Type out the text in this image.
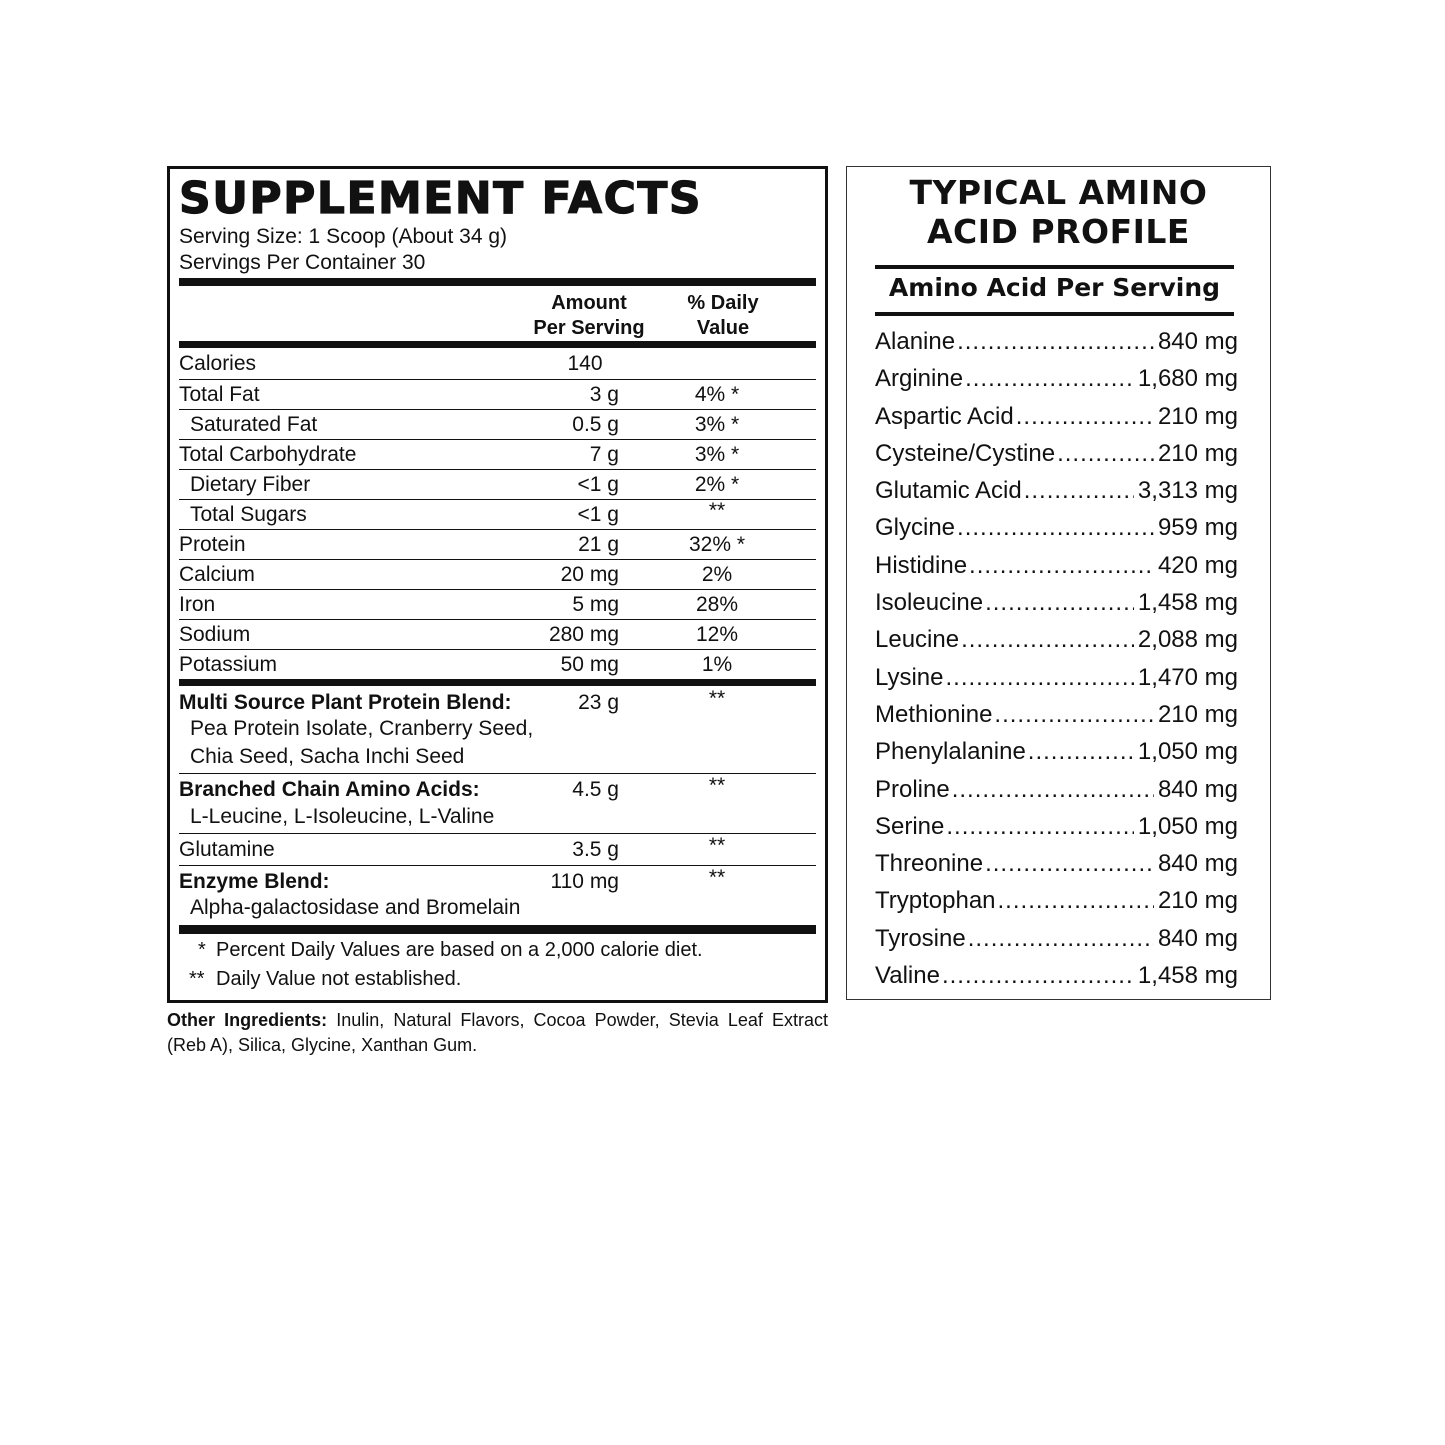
SUPPLEMENT FACTS
Serving Size: 1 Scoop (About 34 g)
Servings Per Container 30
Amount
Per Serving
% Daily
Value
Calories	140
Total Fat	3 g	4% *
Saturated Fat	0.5 g	3% *
Total Carbohydrate	7 g	3% *
Dietary Fiber	<1 g	2% *
Total Sugars	<1 g	**
Protein	21 g	32% *
Calcium	20 mg	2%
Iron	5 mg	28%
Sodium	280 mg	12%
Potassium	50 mg	1%
Multi Source Plant Protein Blend:	23 g	**
Pea Protein Isolate, Cranberry Seed,
Chia Seed, Sacha Inchi Seed
Branched Chain Amino Acids:	4.5 g	**
L-Leucine, L-Isoleucine, L-Valine
Glutamine	3.5 g	**
Enzyme Blend:	110 mg	**
Alpha-galactosidase and Bromelain
* Percent Daily Values are based on a 2,000 calorie diet.
** Daily Value not established.
Other Ingredients: Inulin, Natural Flavors, Cocoa Powder, Stevia Leaf Extract (Reb A), Silica, Glycine, Xanthan Gum.
TYPICAL AMINO
ACID PROFILE
Amino Acid Per Serving
Alanine .....	840 mg
Arginine .....	1,680 mg
Aspartic Acid .....	210 mg
Cysteine/Cystine .....	210 mg
Glutamic Acid .....	3,313 mg
Glycine .....	959 mg
Histidine .....	420 mg
Isoleucine .....	1,458 mg
Leucine .....	2,088 mg
Lysine .....	1,470 mg
Methionine .....	210 mg
Phenylalanine .....	1,050 mg
Proline .....	840 mg
Serine .....	1,050 mg
Threonine .....	840 mg
Tryptophan .....	210 mg
Tyrosine .....	840 mg
Valine .....	1,458 mg
